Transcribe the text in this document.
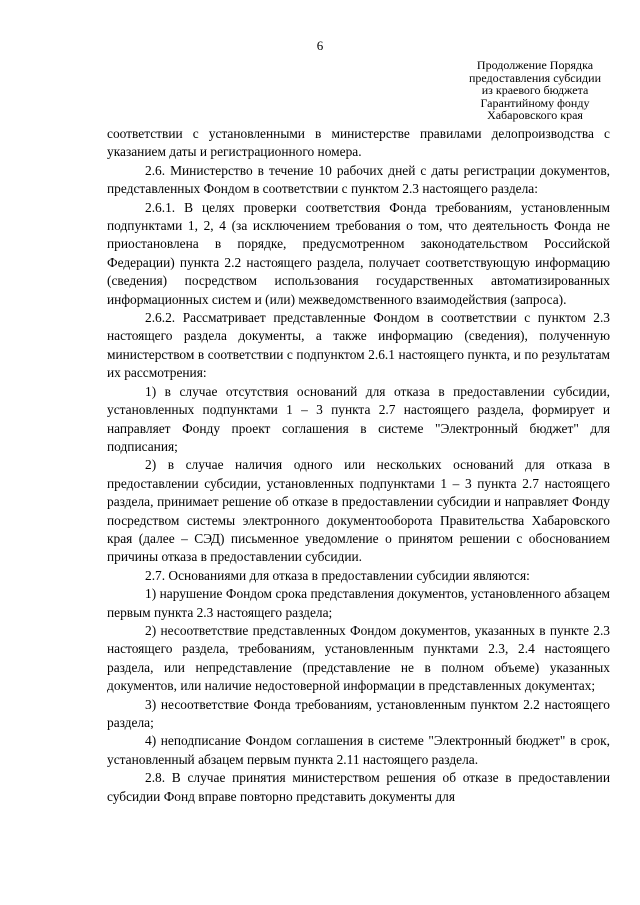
6
Продолжение Порядка
предоставления субсидии
из краевого бюджета
Гарантийному фонду
Хабаровского края

соответствии с установленными в министерстве правилами делопроизводства с указанием даты и регистрационного номера.

2.6. Министерство в течение 10 рабочих дней с даты регистрации документов, представленных Фондом в соответствии с пунктом 2.3 настоящего раздела:

2.6.1. В целях проверки соответствия Фонда требованиям, установленным подпунктами 1, 2, 4 (за исключением требования о том, что деятельность Фонда не приостановлена в порядке, предусмотренном законодательством Российской Федерации) пункта 2.2 настоящего раздела, получает соответствующую информацию (сведения) посредством использования государственных автоматизированных информационных систем и (или) межведомственного взаимодействия (запроса).

2.6.2. Рассматривает представленные Фондом в соответствии с пунктом 2.3 настоящего раздела документы, а также информацию (сведения), полученную министерством в соответствии с подпунктом 2.6.1 настоящего пункта, и по результатам их рассмотрения:

1) в случае отсутствия оснований для отказа в предоставлении субсидии, установленных подпунктами 1 – 3 пункта 2.7 настоящего раздела, формирует и направляет Фонду проект соглашения в системе "Электронный бюджет" для подписания;

2) в случае наличия одного или нескольких оснований для отказа в предоставлении субсидии, установленных подпунктами 1 – 3 пункта 2.7 настоящего раздела, принимает решение об отказе в предоставлении субсидии и направляет Фонду посредством системы электронного документооборота Правительства Хабаровского края (далее – СЭД) письменное уведомление о принятом решении с обоснованием причины отказа в предоставлении субсидии.

2.7. Основаниями для отказа в предоставлении субсидии являются:

1) нарушение Фондом срока представления документов, установленного абзацем первым пункта 2.3 настоящего раздела;

2) несоответствие представленных Фондом документов, указанных в пункте 2.3 настоящего раздела, требованиям, установленным пунктами 2.3, 2.4 настоящего раздела, или непредставление (представление не в полном объеме) указанных документов, или наличие недостоверной информации в представленных документах;

3) несоответствие Фонда требованиям, установленным пунктом 2.2 настоящего раздела;

4) неподписание Фондом соглашения в системе "Электронный бюджет" в срок, установленный абзацем первым пункта 2.11 настоящего раздела.

2.8. В случае принятия министерством решения об отказе в предоставлении субсидии Фонд вправе повторно представить документы для
